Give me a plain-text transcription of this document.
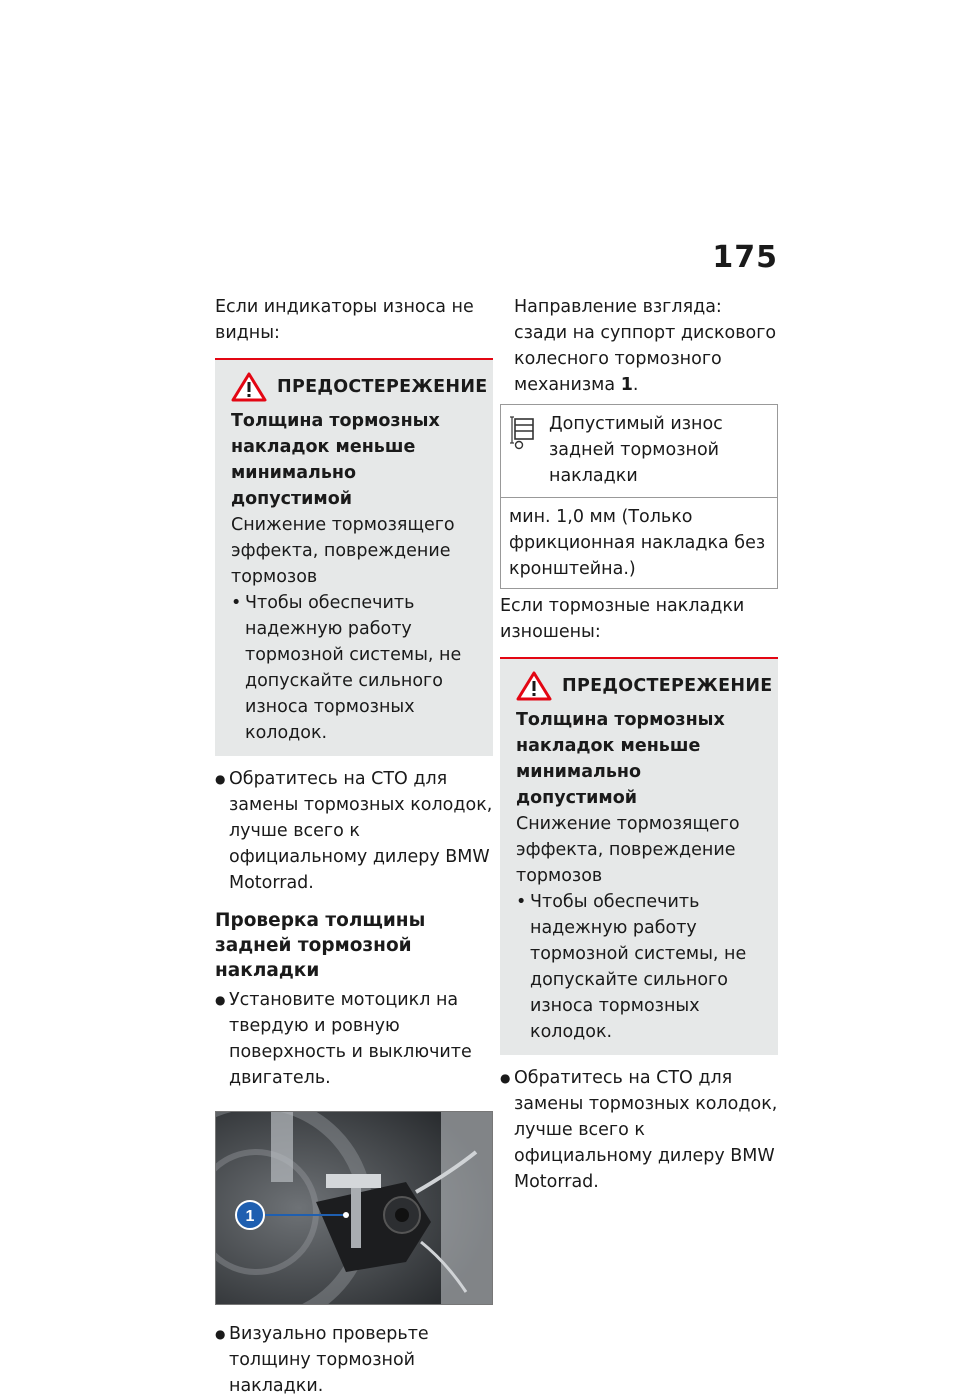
175

Если индикаторы износа не видны:

ПРЕДОСТЕРЕЖЕНИЕ

Толщина тормозных накладок меньше минимально допустимой

Снижение тормозящего эффекта, повреждение тормозов

• Чтобы обеспечить надежную работу тормозной системы, не допускайте сильного износа тормозных колодок.

● Обратитесь на СТО для замены тормозных колодок, лучше всего к официальному дилеру BMW Motorrad.

Проверка толщины задней тормозной накладки

● Установите мотоцикл на твердую и ровную поверхность и выключите двигатель.

1

● Визуально проверьте толщину тормозной накладки.

Направление взгляда: сзади на суппорт дискового колесного тормозного механизма 1.

Допустимый износ задней тормозной накладки
мин. 1,0 мм (Только фрикционная накладка без кронштейна.)

Если тормозные накладки изношены:

ПРЕДОСТЕРЕЖЕНИЕ

Толщина тормозных накладок меньше минимально допустимой

Снижение тормозящего эффекта, повреждение тормозов

• Чтобы обеспечить надежную работу тормозной системы, не допускайте сильного износа тормозных колодок.

● Обратитесь на СТО для замены тормозных колодок, лучше всего к официальному дилеру BMW Motorrad.
